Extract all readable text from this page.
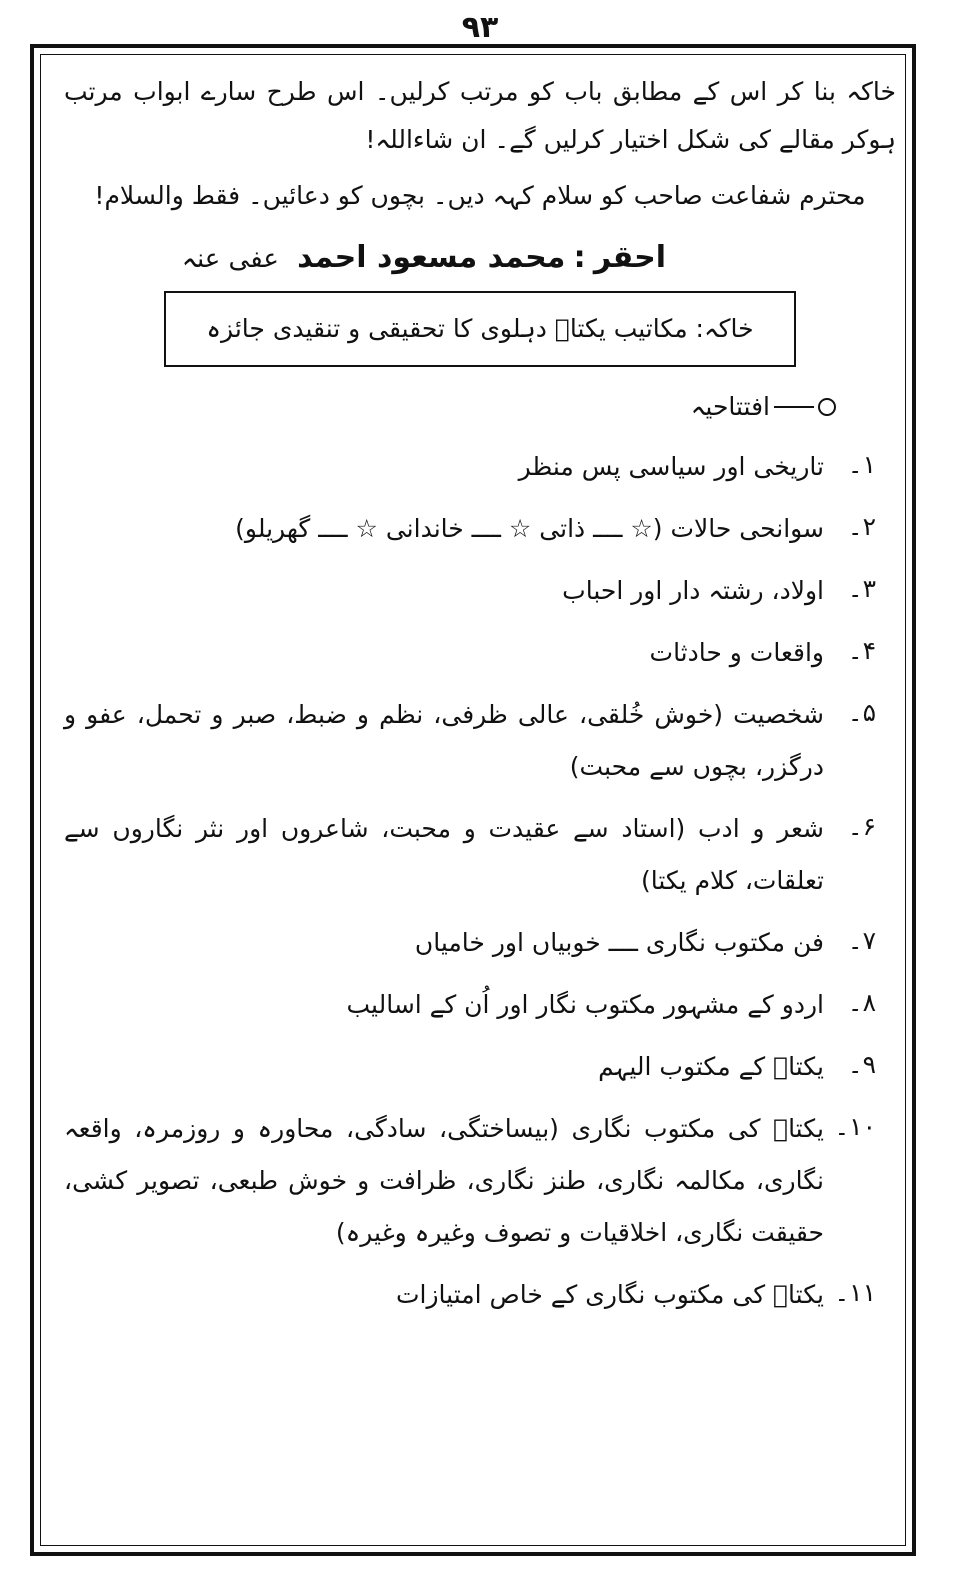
۹۳

خاکہ بنا کر اس کے مطابق باب کو مرتب کرلیں۔ اس طرح سارے ابواب مرتب ہوکر مقالے کی شکل اختیار کرلیں گے۔ ان شاءاللہ!

محترم شفاعت صاحب کو سلام کہہ دیں۔ بچوں کو دعائیں۔ فقط والسلام!

احقر : محمد مسعود احمد عفی عنہ

خاکہ: مکاتیب یکتاؔ دہلوی کا تحقیقی و تنقیدی جائزہ
افتتاحیہ
۱۔
تاریخی اور سیاسی پس منظر
۲۔
سوانحی حالات (☆ ــــ ذاتی ☆ ــــ خاندانی ☆ ــــ گھریلو)
۳۔
اولاد، رشتہ دار اور احباب
۴۔
واقعات و حادثات
۵۔
شخصیت (خوش خُلقی، عالی ظرفی، نظم و ضبط، صبر و تحمل، عفو و درگزر، بچوں سے محبت)
۶۔
شعر و ادب (استاد سے عقیدت و محبت، شاعروں اور نثر نگاروں سے تعلقات، کلام یکتا)
۷۔
فن مکتوب نگاری ــــ خوبیاں اور خامیاں
۸۔
اردو کے مشہور مکتوب نگار اور اُن کے اسالیب
۹۔
یکتاؔ کے مکتوب الیہم
۱۰۔
یکتاؔ کی مکتوب نگاری (بیساختگی، سادگی، محاورہ و روزمرہ، واقعہ نگاری، مکالمہ نگاری، طنز نگاری، ظرافت و خوش طبعی، تصویر کشی، حقیقت نگاری، اخلاقیات و تصوف وغیرہ وغیرہ)
۱۱۔
یکتاؔ کی مکتوب نگاری کے خاص امتیازات
